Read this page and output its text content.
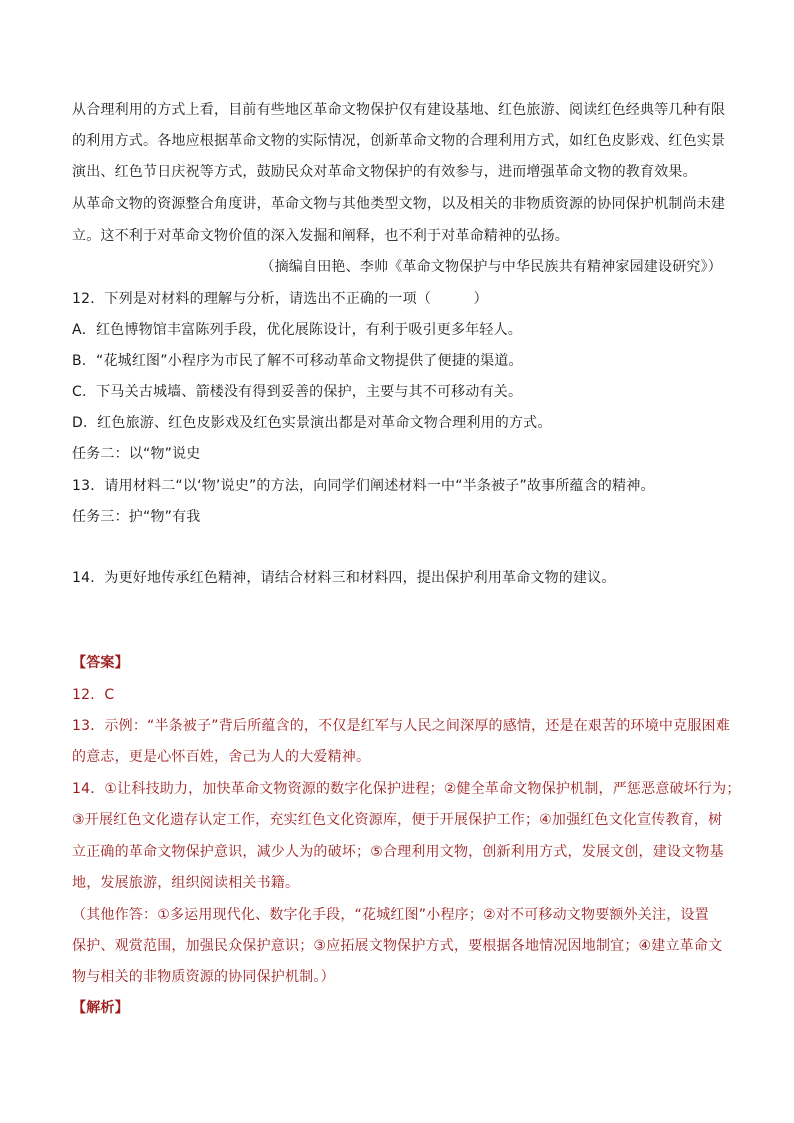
从合理利用的方式上看，目前有些地区革命文物保护仅有建设基地、红色旅游、阅读红色经典等几种有限
的利用方式。各地应根据革命文物的实际情况，创新革命文物的合理利用方式，如红色皮影戏、红色实景
演出、红色节日庆祝等方式，鼓励民众对革命文物保护的有效参与，进而增强革命文物的教育效果。
从革命文物的资源整合角度讲，革命文物与其他类型文物，以及相关的非物质资源的协同保护机制尚未建
立。这不利于对革命文物价值的深入发掘和阐释，也不利于对革命精神的弘扬。
（摘编自田艳、李帅《革命文物保护与中华民族共有精神家园建设研究》）
12．下列是对材料的理解与分析，请选出不正确的一项（　　　）
A．红色博物馆丰富陈列手段，优化展陈设计，有利于吸引更多年轻人。
B．“花城红图”小程序为市民了解不可移动革命文物提供了便捷的渠道。
C．下马关古城墙、箭楼没有得到妥善的保护，主要与其不可移动有关。
D．红色旅游、红色皮影戏及红色实景演出都是对革命文物合理利用的方式。
任务二：以“物”说史
13．请用材料二“以‘物’说史”的方法，向同学们阐述材料一中“半条被子”故事所蕴含的精神。
任务三：护“物”有我
14．为更好地传承红色精神，请结合材料三和材料四，提出保护利用革命文物的建议。
【答案】
12．C
13．示例：“半条被子”背后所蕴含的，不仅是红军与人民之间深厚的感情，还是在艰苦的环境中克服困难
的意志，更是心怀百姓，舍己为人的大爱精神。
14．①让科技助力，加快革命文物资源的数字化保护进程；②健全革命文物保护机制，严惩恶意破坏行为；
③开展红色文化遗存认定工作，充实红色文化资源库，便于开展保护工作；④加强红色文化宣传教育，树
立正确的革命文物保护意识，减少人为的破坏；⑤合理利用文物，创新利用方式，发展文创，建设文物基
地，发展旅游，组织阅读相关书籍。
（其他作答：①多运用现代化、数字化手段，“花城红图”小程序；②对不可移动文物要额外关注，设置
保护、观赏范围，加强民众保护意识；③应拓展文物保护方式，要根据各地情况因地制宜；④建立革命文
物与相关的非物质资源的协同保护机制。）
【解析】
